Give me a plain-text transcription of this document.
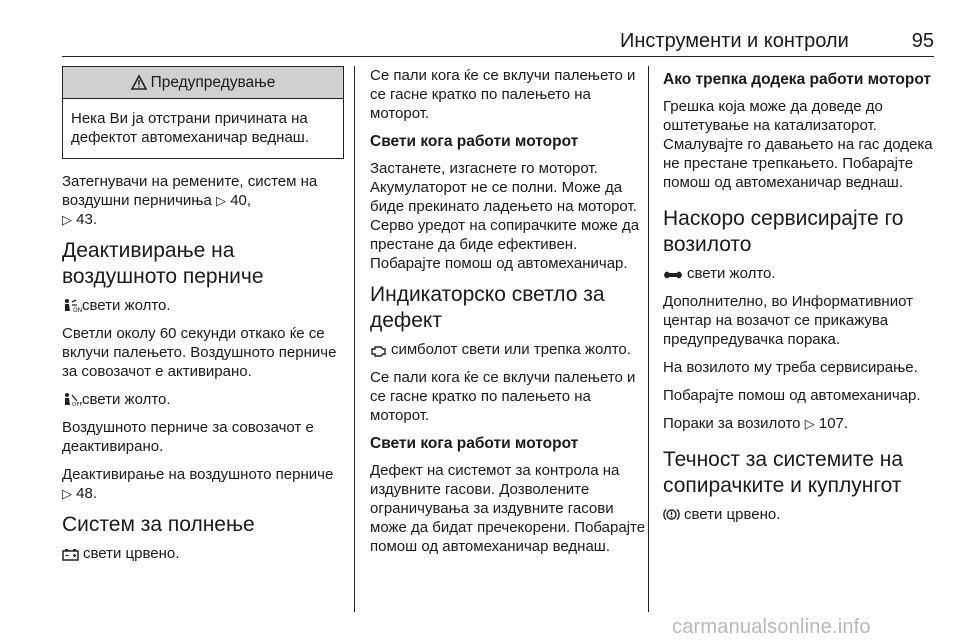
Инструменти и контроли	95
Предупредување
Нека Ви ја отстрани причината на дефектот автомеханичар веднаш.

Затегнувачи на ремените, систем на воздушни перничиња ▷ 40,
▷ 43.

Деактивирање на воздушното перниче

ON свети жолто.

Светли околу 60 секунди откако ќе се вклучи палењето. Воздушното перниче за совозачот е активирано.

OFF свети жолто.

Воздушното перниче за совозачот е деактивирано.

Деактивирање на воздушното перниче ▷ 48.

Систем за полнење

свети црвено.

Се пали кога ќе се вклучи палењето и се гасне кратко по палењето на моторот.

Свети кога работи моторот

Застанете, изгаснете го моторот. Акумулаторот не се полни. Може да биде прекинато ладењето на моторот. Серво уредот на сопирачките може да престане да биде ефективен. Побарајте помош од автомеханичар.

Индикаторско светло за дефект

симболот свети или трепка жолто.

Се пали кога ќе се вклучи палењето и се гасне кратко по палењето на моторот.

Свети кога работи моторот

Дефект на системот за контрола на издувните гасови. Дозволените ограничувања за издувните гасови може да бидат пречекорени. Побарајте помош од автомеханичар веднаш.

Ако трепка додека работи моторот

Грешка која може да доведе до оштетување на катализаторот. Смалувајте го давањето на гас додека не престане трепкањето. Побарајте помош од автомеханичар веднаш.

Наскоро сервисирајте го возилото

свети жолто.

Дополнително, во Информативниот центар на возачот се прикажува предупредувачка порака.

На возилото му треба сервисирање.

Побарајте помош од автомеханичар.

Пораки за возилото ▷ 107.

Течност за системите на сопирачките и куплунгот

свети црвено.

carmanualsonline.info
